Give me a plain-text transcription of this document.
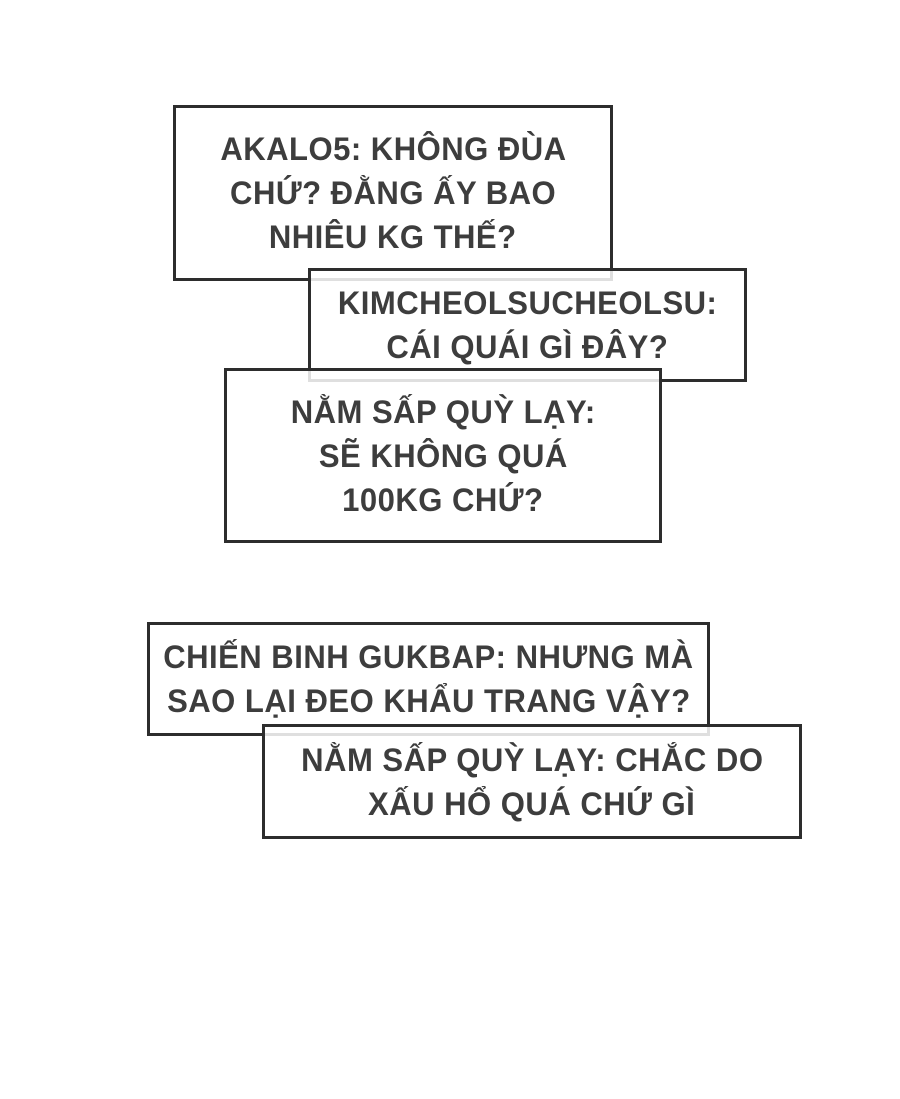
AKALO5: KHÔNG ĐÙA
CHỨ? ĐẰNG ẤY BAO
NHIÊU KG THẾ?
KIMCHEOLSUCHEOLSU:
CÁI QUÁI GÌ ĐÂY?
NẰM SẤP QUỲ LẠY:
SẼ KHÔNG QUÁ
100KG CHỨ?
CHIẾN BINH GUKBAP: NHƯNG MÀ
SAO LẠI ĐEO KHẨU TRANG VẬY?
NẰM SẤP QUỲ LẠY: CHẮC DO
XẤU HỔ QUÁ CHỨ GÌ
